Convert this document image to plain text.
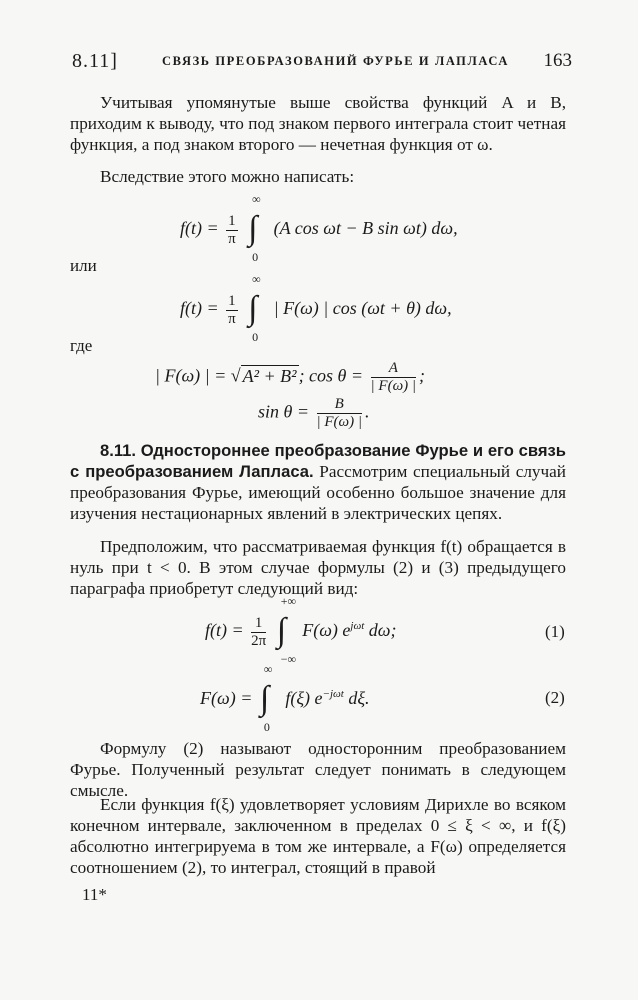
8.11]	СВЯЗЬ ПРЕОБРАЗОВАНИЙ ФУРЬЕ И ЛАПЛАСА 163

Учитывая упомянутые выше свойства функций A и B, приходим к выводу, что под знаком первого интеграла стоит четная функция, а под знаком второго — нечетная функция от ω.

Вследствие этого можно написать:

$f(t) = \frac{1}{\pi}$
∫
∞
0
(A cos ωt − B sin ωt) dω,
или
$f(t) = \frac{1}{\pi}$
∫
∞
0
| F(ω) | cos (ωt + θ) dω,
где
| F(ω) | = √ A² + B² ; $\cos \theta = \frac{A}{| F(\omega) |}$ ;
$\sin \theta = \frac{B}{| F(\omega) |}$ .

8.11. Одностороннее преобразование Фурье и его связь с преобразованием Лапласа. Рассмотрим специальный случай преобразования Фурье, имеющий особенно большое значение для изучения нестационарных явлений в электрических цепях.

Предположим, что рассматриваемая функция f(t) обращается в нуль при t < 0. В этом случае формулы (2) и (3) предыдущего параграфа приобретут следующий вид:

$f(t) = \frac{1}{2\pi}$
∫
+∞
−∞
F(ω) $e^{j\omega t}$ dω;	(1)
F(ω) = ∫
∞
0
f(ξ) $e^{-j\omega t}$ dξ.	(2)

Формулу (2) называют односторонним преобразованием Фурье. Полученный результат следует понимать в следующем смысле.

Если функция f(ξ) удовлетворяет условиям Дирихле во всяком конечном интервале, заключенном в пределах 0 ≤ ξ < ∞, и f(ξ) абсолютно интегрируема в том же интервале, а F(ω) определяется соотношением (2), то интеграл, стоящий в правой

11*
